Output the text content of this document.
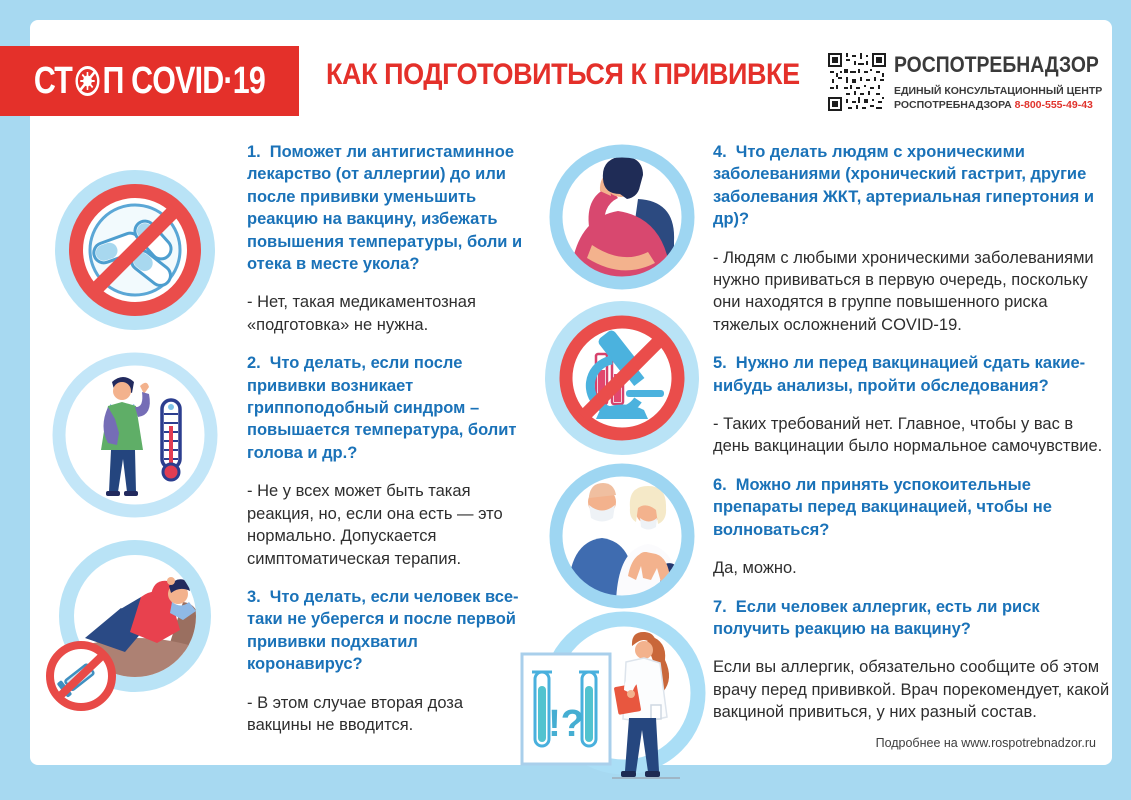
СТ П COVID·19 КАК ПОДГОТОВИТЬСЯ К ПРИВИВКЕ	РОСПОТРЕБНАДЗОР
ЕДИНЫЙ КОНСУЛЬТАЦИОННЫЙ ЦЕНТР
РОСПОТРЕБНАДЗОРА 8-800-555-49-43
!?

1. Поможет ли антигистаминное лекарство (от аллергии) до или после прививки уменьшить реакцию на вакцину, избежать повышения температуры, боли и отека в месте укола?

- Нет, такая медикаментозная «подготовка» не нужна.

2. Что делать, если после прививки возникает гриппоподобный синдром – повышается температура, болит голова и др.?

- Не у всех может быть такая реакция, но, если она есть — это нормально. Допускается симптоматическая терапия.

3. Что делать, если человек все-таки не уберегся и после первой прививки подхватил коронавирус?

- В этом случае вторая доза вакцины не вводится.

4. Что делать людям с хроническими заболеваниями (хронический гастрит, другие заболевания ЖКТ, артериальная гипертония и др)?

- Людям с любыми хроническими заболеваниями нужно прививаться в первую очередь, поскольку они находятся в группе повышенного риска тяжелых осложнений COVID-19.

5. Нужно ли перед вакцинацией сдать какие-нибудь анализы, пройти обследования?

- Таких требований нет. Главное, чтобы у вас в день вакцинации было нормальное самочувствие.

6. Можно ли принять успокоительные препараты перед вакцинацией, чтобы не волноваться?

Да, можно.

7. Если человек аллергик, есть ли риск получить реакцию на вакцину?

Если вы аллергик, обязательно сообщите об этом врачу перед прививкой. Врач порекомендует, какой вакциной привиться, у них разный состав.

Подробнее на www.rospotrebnadzor.ru
